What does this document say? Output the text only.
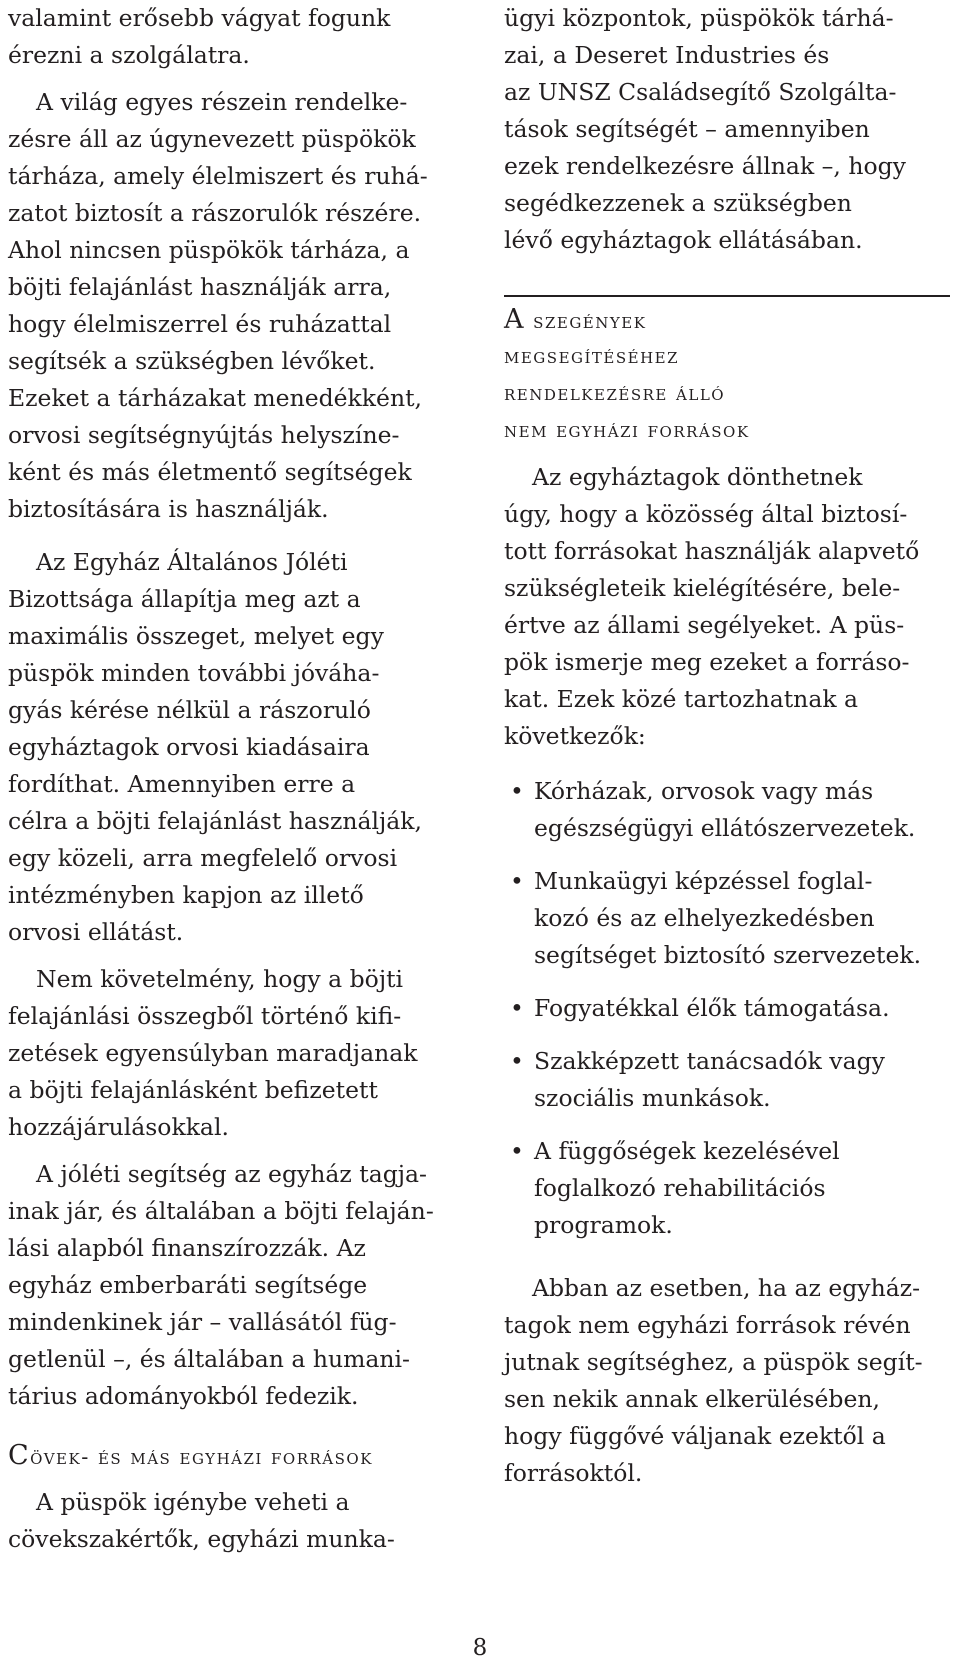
valamint erősebb vágyat fogunk
érezni a szolgálatra.
A világ egyes részein rendelke-
zésre áll az úgynevezett püspökök
tárháza, amely élelmiszert és ruhá-
zatot biztosít a rászorulók részére.
Ahol nincsen püspökök tárháza, a
böjti felajánlást használják arra,
hogy élelmiszerrel és ruházattal
segítsék a szükségben lévőket.
Ezeket a tárházakat menedékként,
orvosi segítségnyújtás helyszíne-
ként és más életmentő segítségek
biztosítására is használják.
Az Egyház Általános Jóléti
Bizottsága állapítja meg azt a
maximális összeget, melyet egy
püspök minden további jóváha-
gyás kérése nélkül a rászoruló
egyháztagok orvosi kiadásaira
fordíthat. Amennyiben erre a
célra a böjti felajánlást használják,
egy közeli, arra megfelelő orvosi
intézményben kapjon az illető
orvosi ellátást.
Nem követelmény, hogy a böjti
felajánlási összegből történő kifi-
zetések egyensúlyban maradjanak
a böjti felajánlásként befizetett
hozzájárulásokkal.
A jóléti segítség az egyház tagja-
inak jár, és általában a böjti felaján-
lási alapból finanszírozzák. Az
egyház emberbaráti segítsége
mindenkinek jár – vallásától füg-
getlenül –, és általában a humani-
tárius adományokból fedezik.
Cövek- és más egyházi források
A püspök igénybe veheti a
cövekszakértők, egyházi munka-
ügyi központok, püspökök tárhá-
zai, a Deseret Industries és
az UNSZ Családsegítő Szolgálta-
tások segítségét – amennyiben
ezek rendelkezésre állnak –, hogy
segédkezzenek a szükségben
lévő egyháztagok ellátásában.
A szegények
megsegítéséhez
rendelkezésre álló
nem egyházi források
Az egyháztagok dönthetnek
úgy, hogy a közösség által biztosí-
tott forrásokat használják alapvető
szükségleteik kielégítésére, bele-
értve az állami segélyeket. A püs-
pök ismerje meg ezeket a forráso-
kat. Ezek közé tartozhatnak a
következők:
• Kórházak, orvosok vagy más
egészségügyi ellátószervezetek.
• Munkaügyi képzéssel foglal-
kozó és az elhelyezkedésben
segítséget biztosító szervezetek.
• Fogyatékkal élők támogatása.
• Szakképzett tanácsadók vagy
szociális munkások.
• A függőségek kezelésével
foglalkozó rehabilitációs
programok.
Abban az esetben, ha az egyház-
tagok nem egyházi források révén
jutnak segítséghez, a püspök segít-
sen nekik annak elkerülésében,
hogy függővé váljanak ezektől a
forrásoktól.
8
